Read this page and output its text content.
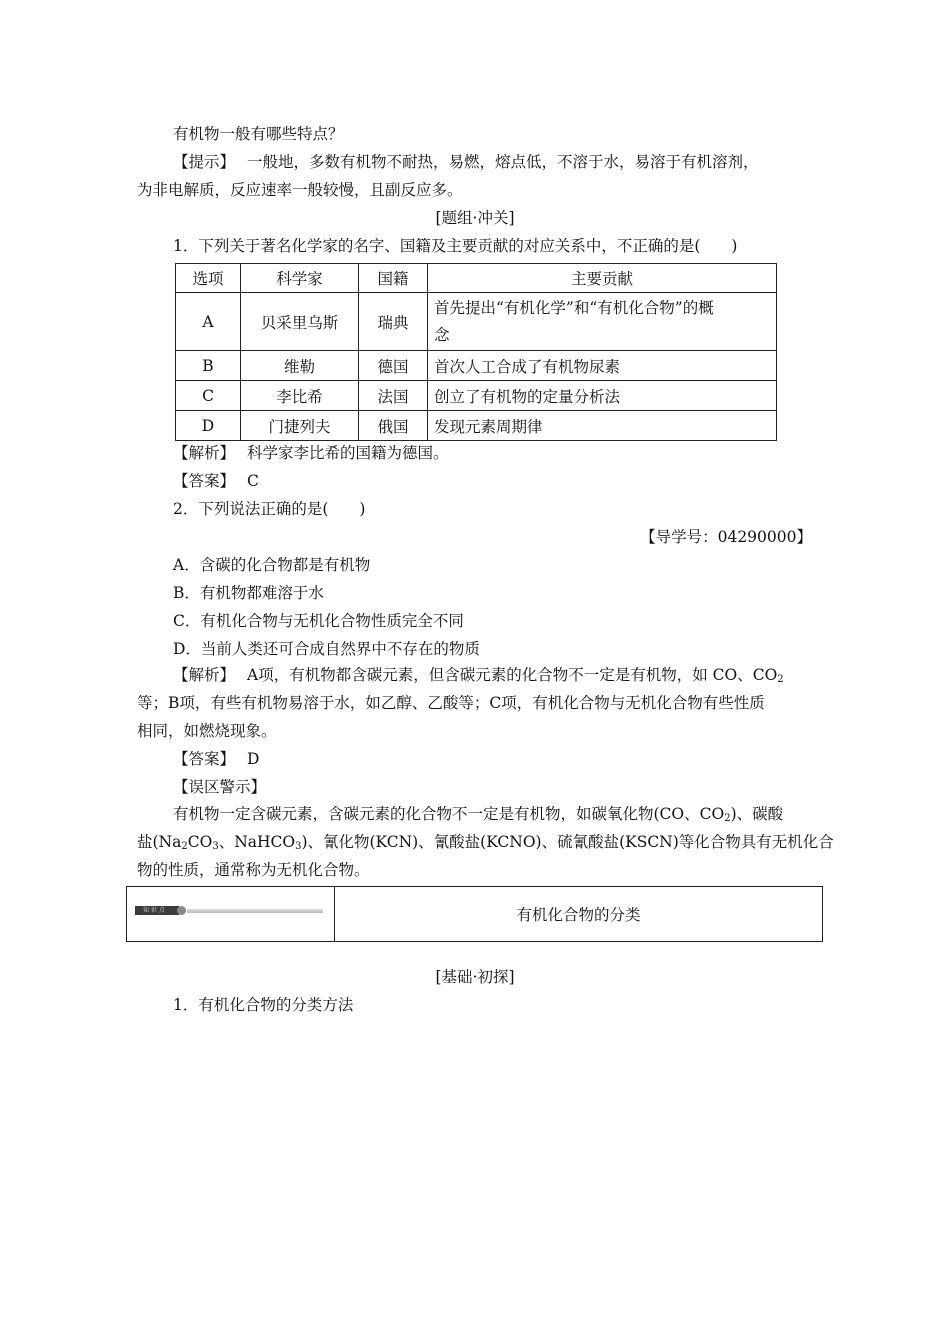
有机物一般有哪些特点？
【提示】 一般地，多数有机物不耐热，易燃，熔点低，不溶于水，易溶于有机溶剂，
为非电解质，反应速率一般较慢，且副反应多。
[题组·冲关]
1．下列关于著名化学家的名字、国籍及主要贡献的对应关系中，不正确的是(　　)
选项	科学家	国籍	主要贡献
A	贝采里乌斯	瑞典	首先提出“有机化学”和“有机化合物”的概
念

B	维勒	德国	首次人工合成了有机物尿素
C	李比希	法国	创立了有机物的定量分析法
D	门捷列夫	俄国	发现元素周期律
【解析】 科学家李比希的国籍为德国。
【答案】 C
2．下列说法正确的是(　　)
【导学号：04290000】
A．含碳的化合物都是有机物
B．有机物都难溶于水
C．有机化合物与无机化合物性质完全不同
D．当前人类还可合成自然界中不存在的物质
【解析】 A项，有机物都含碳元素，但含碳元素的化合物不一定是有机物，如 CO、$CO_2$
等；B项，有些有机物易溶于水，如乙醇、乙酸等；C项，有机化合物与无机化合物有些性质
相同，如燃烧现象。
【答案】 D
【误区警示】
有机物一定含碳元素，含碳元素的化合物不一定是有机物，如碳氧化物(CO、$CO_2$)、碳酸
盐($Na_2CO_3$、NaHCO$_3$)、氰化物(KCN)、氰酸盐(KCNO)、硫氰酸盐(KSCN)等化合物具有无机化合
物的性质，通常称为无机化合物。
知 识 点	有机化合物的分类
[基础·初探]
1．有机化合物的分类方法
